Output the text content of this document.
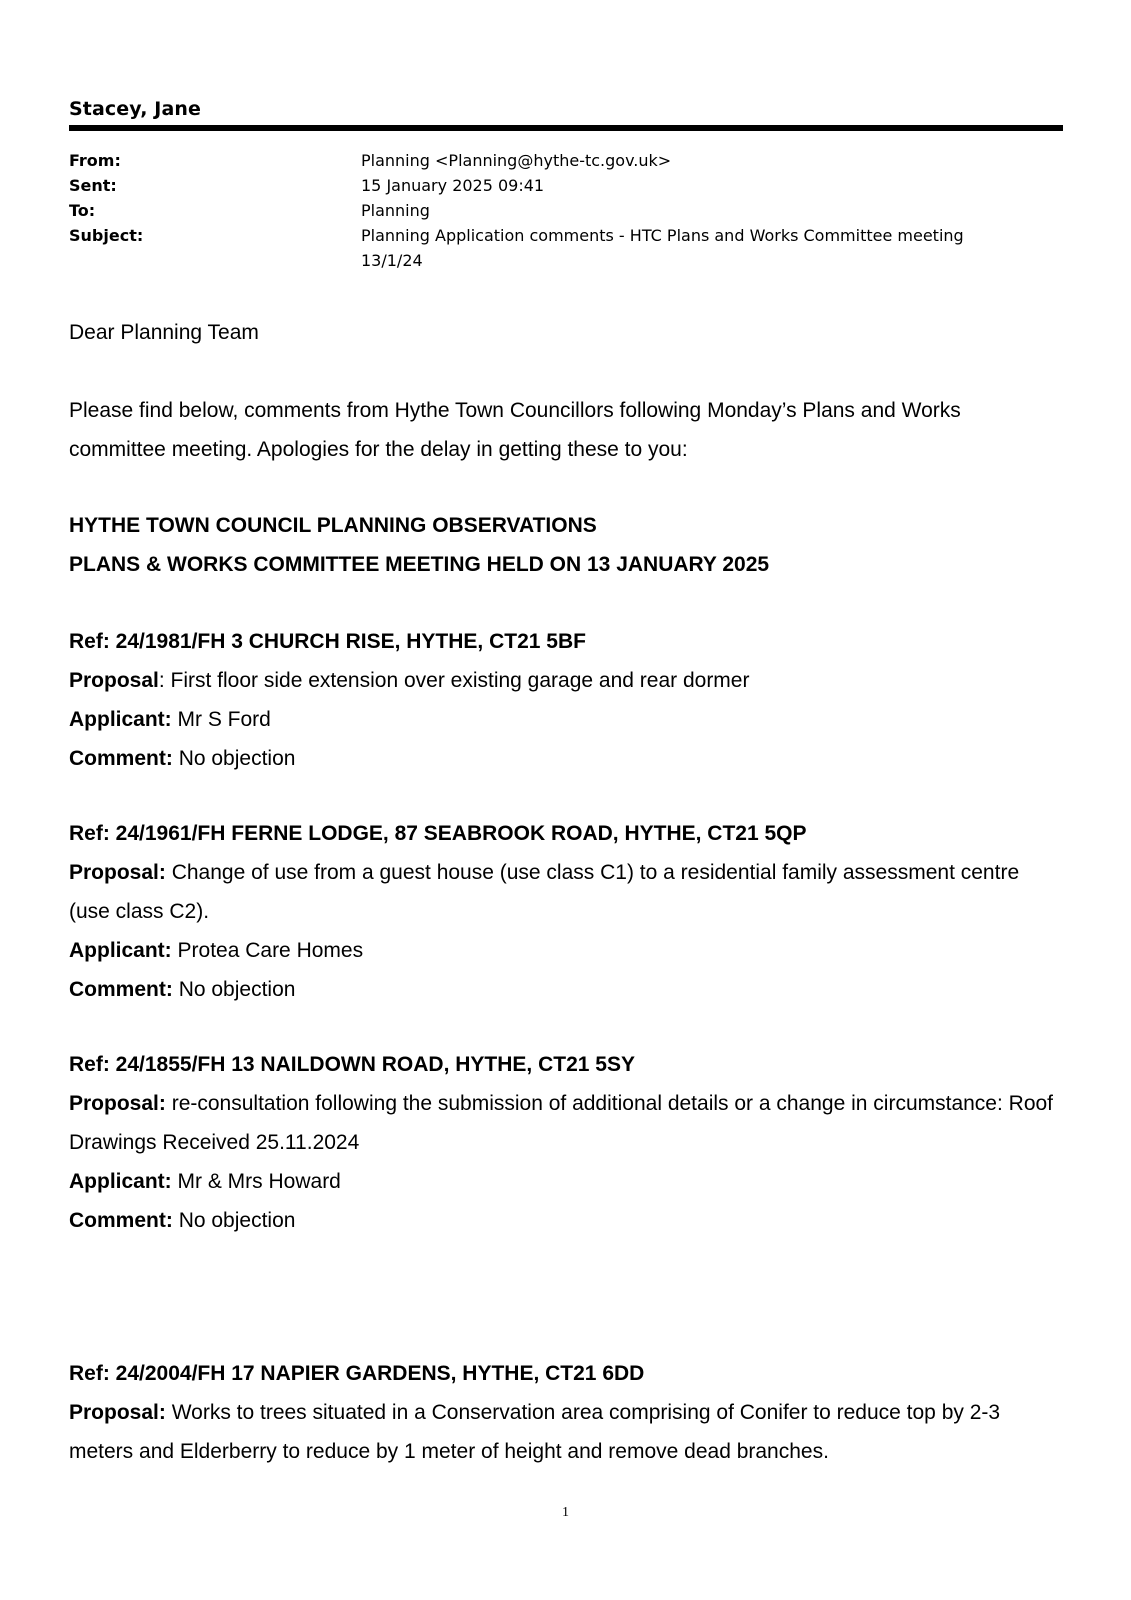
Stacey, Jane
From:	Planning <Planning@hythe-tc.gov.uk>
Sent:	15 January 2025 09:41
To:	Planning
Subject:	Planning Application comments - HTC Plans and Works Committee meeting 13/1/24
Dear Planning Team
Please find below, comments from Hythe Town Councillors following Monday’s Plans and Works committee meeting. Apologies for the delay in getting these to you:
HYTHE TOWN COUNCIL PLANNING OBSERVATIONS
PLANS & WORKS COMMITTEE MEETING HELD ON 13 JANUARY 2025
Ref: 24/1981/FH 3 CHURCH RISE, HYTHE, CT21 5BF
Proposal: First floor side extension over existing garage and rear dormer
Applicant: Mr S Ford
Comment: No objection
Ref: 24/1961/FH FERNE LODGE, 87 SEABROOK ROAD, HYTHE, CT21 5QP
Proposal: Change of use from a guest house (use class C1) to a residential family assessment centre (use class C2).
Applicant: Protea Care Homes
Comment: No objection
Ref: 24/1855/FH 13 NAILDOWN ROAD, HYTHE, CT21 5SY
Proposal: re-consultation following the submission of additional details or a change in circumstance: Roof Drawings Received 25.11.2024
Applicant: Mr & Mrs Howard
Comment: No objection
Ref: 24/2004/FH 17 NAPIER GARDENS, HYTHE, CT21 6DD
Proposal: Works to trees situated in a Conservation area comprising of Conifer to reduce top by 2-3 meters and Elderberry to reduce by 1 meter of height and remove dead branches.
1
